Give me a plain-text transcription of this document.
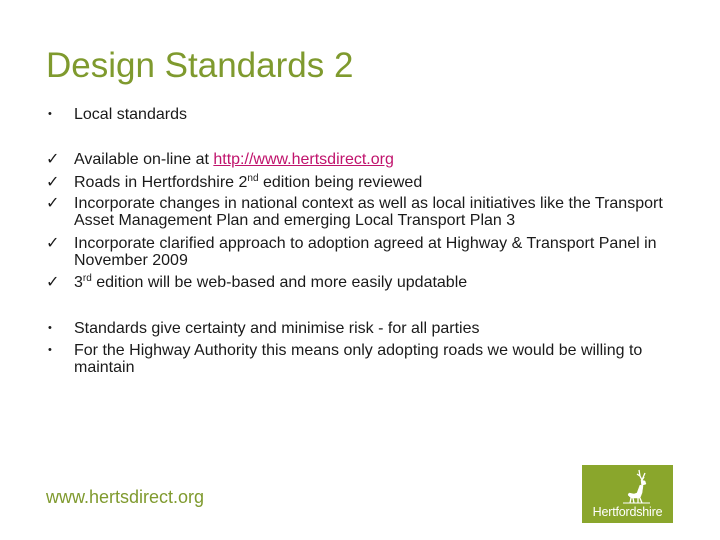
Design Standards 2
•	Local standards
✓ Available on-line at http://www.hertsdirect.org
✓ Roads in Hertfordshire 2nd edition being reviewed
✓ Incorporate changes in national context as well as local initiatives like the Transport Asset Management Plan and emerging Local Transport Plan 3
✓ Incorporate clarified approach to adoption agreed at Highway & Transport Panel in November 2009
✓ 3rd edition will be web-based and more easily updatable
•	Standards give certainty and minimise risk - for all parties
•	For the Highway Authority this means only adopting roads we would be willing to maintain
www.hertsdirect.org
Hertfordshire
